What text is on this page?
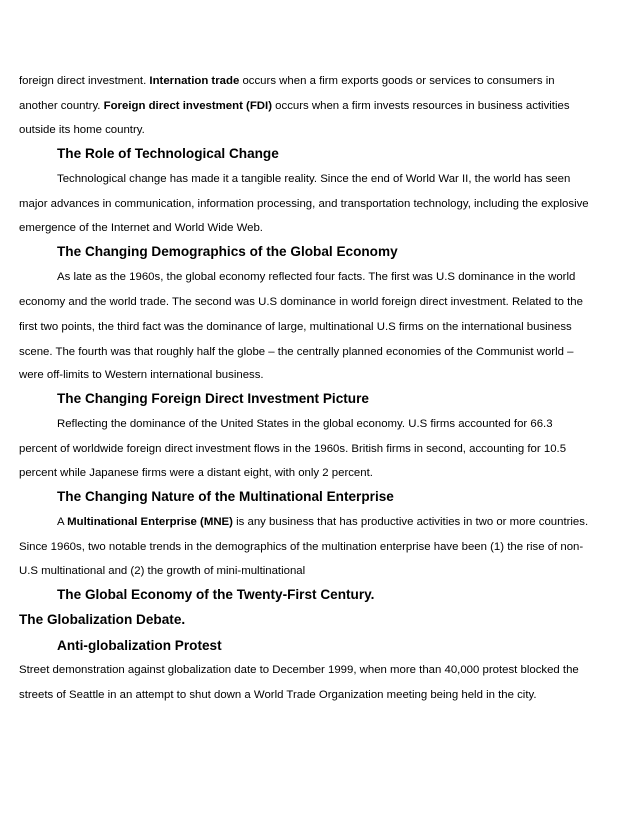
foreign direct investment. Internation trade occurs when a firm exports goods or services to consumers in
another country. Foreign direct investment (FDI) occurs when a firm invests resources in business activities
outside its home country.
The Role of Technological Change
Technological change has made it a tangible reality. Since the end of World War II, the world has seen
major advances in communication, information processing, and transportation technology, including the explosive
emergence of the Internet and World Wide Web.
The Changing Demographics of the Global Economy
As late as the 1960s, the global economy reflected four facts. The first was U.S dominance in the world
economy and the world trade. The second was U.S dominance in world foreign direct investment. Related to the
first two points, the third fact was the dominance of large, multinational U.S firms on the international business
scene. The fourth was that roughly half the globe – the centrally planned economies of the Communist world –
were off-limits to Western international business.
The Changing Foreign Direct Investment Picture
Reflecting the dominance of the United States in the global economy. U.S firms accounted for 66.3
percent of worldwide foreign direct investment flows in the 1960s. British firms in second, accounting for 10.5
percent while Japanese firms were a distant eight, with only 2 percent.
The Changing Nature of the Multinational Enterprise
A Multinational Enterprise (MNE) is any business that has productive activities in two or more countries.
Since 1960s, two notable trends in the demographics of the multination enterprise have been (1) the rise of non-
U.S multinational and (2) the growth of mini-multinational
The Global Economy of the Twenty-First Century.
The Globalization Debate.
Anti-globalization Protest
Street demonstration against globalization date to December 1999, when more than 40,000 protest blocked the
streets of Seattle in an attempt to shut down a World Trade Organization meeting being held in the city.
